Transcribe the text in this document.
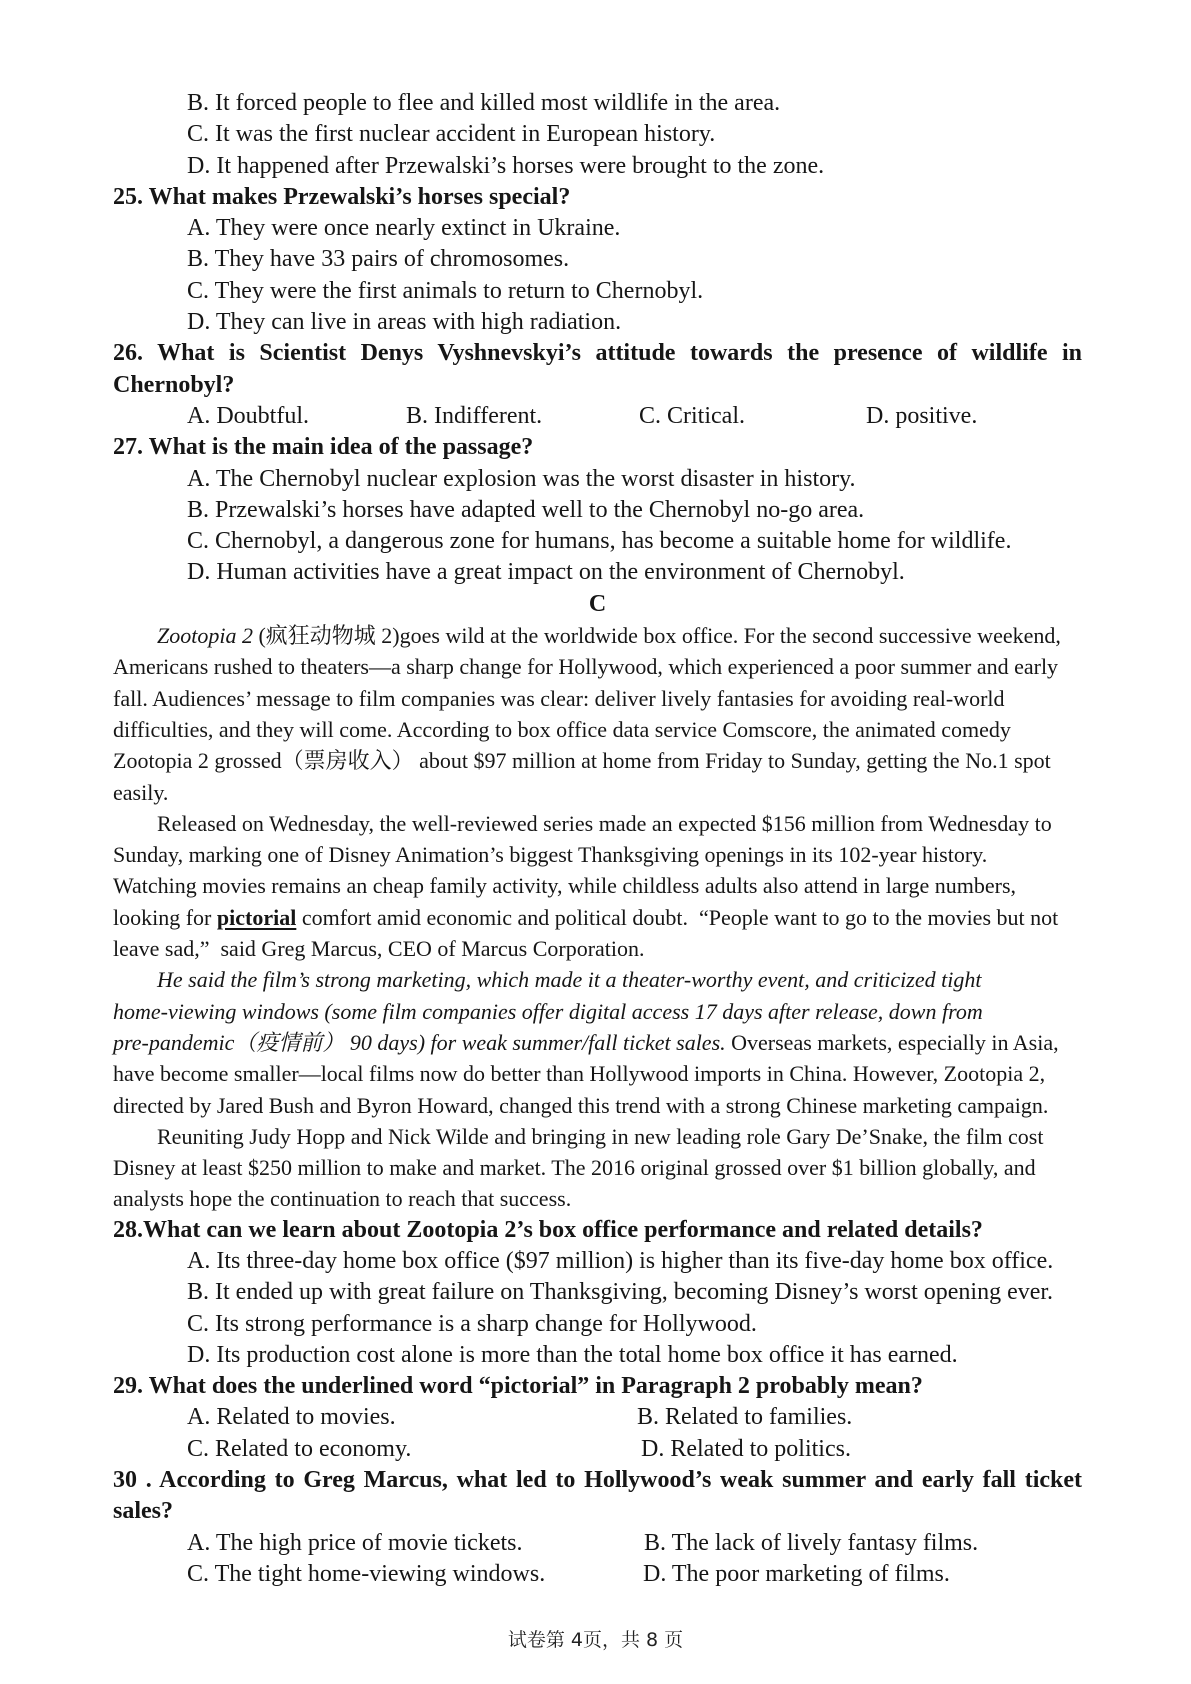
B. It forced people to flee and killed most wildlife in the area.
C. It was the first nuclear accident in European history.
D. It happened after Przewalski’s horses were brought to the zone.
25. What makes Przewalski’s horses special?
A. They were once nearly extinct in Ukraine.
B. They have 33 pairs of chromosomes.
C. They were the first animals to return to Chernobyl.
D. They can live in areas with high radiation.
26. What is Scientist Denys Vyshnevskyi’s attitude towards the presence of wildlife in Chernobyl?

A. Doubtful.

	B. Indifferent.

	C. Critical.

	D. positive.

27. What is the main idea of the passage?
A. The Chernobyl nuclear explosion was the worst disaster in history.
B. Przewalski’s horses have adapted well to the Chernobyl no-go area.
C. Chernobyl, a dangerous zone for humans, has become a suitable home for wildlife.
D. Human activities have a great impact on the environment of Chernobyl.
C
Zootopia 2 (疯狂动物城 2)goes wild at the worldwide box office. For the second successive weekend,
Americans rushed to theaters—a sharp change for Hollywood, which experienced a poor summer and early
fall. Audiences’ message to film companies was clear: deliver lively fantasies for avoiding real-world
difficulties, and they will come. According to box office data service Comscore, the animated comedy
Zootopia 2 grossed（票房收入） about $97 million at home from Friday to Sunday, getting the No.1 spot
easily.
Released on Wednesday, the well-reviewed series made an expected $156 million from Wednesday to
Sunday, marking one of Disney Animation’s biggest Thanksgiving openings in its 102-year history.
Watching movies remains an cheap family activity, while childless adults also attend in large numbers,
looking for pictorial comfort amid economic and political doubt.  “People want to go to the movies but not
leave sad,”  said Greg Marcus, CEO of Marcus Corporation.
He said the film’s strong marketing, which made it a theater-worthy event, and criticized tight
home-viewing windows (some film companies offer digital access 17 days after release, down from
pre-pandemic（疫情前） 90 days) for weak summer/fall ticket sales. Overseas markets, especially in Asia,
have become smaller—local films now do better than Hollywood imports in China. However, Zootopia 2,
directed by Jared Bush and Byron Howard, changed this trend with a strong Chinese marketing campaign.
Reuniting Judy Hopp and Nick Wilde and bringing in new leading role Gary De’Snake, the film cost
Disney at least $250 million to make and market. The 2016 original grossed over $1 billion globally, and
analysts hope the continuation to reach that success.
28.What can we learn about Zootopia 2’s box office performance and related details?
A. Its three-day home box office ($97 million) is higher than its five-day home box office.
B. It ended up with great failure on Thanksgiving, becoming Disney’s worst opening ever.
C. Its strong performance is a sharp change for Hollywood.
D. Its production cost alone is more than the total home box office it has earned.
29. What does the underlined word “pictorial” in Paragraph 2 probably mean?

A. Related to movies.

	B. Related to families.

C. Related to economy.

	D. Related to politics.

30 . According to Greg Marcus, what led to Hollywood’s weak summer and early fall ticket sales?

A. The high price of movie tickets.

	B. The lack of lively fantasy films.

C. The tight home-viewing windows.

	D. The poor marketing of films.

试卷第 4页，共 8 页
